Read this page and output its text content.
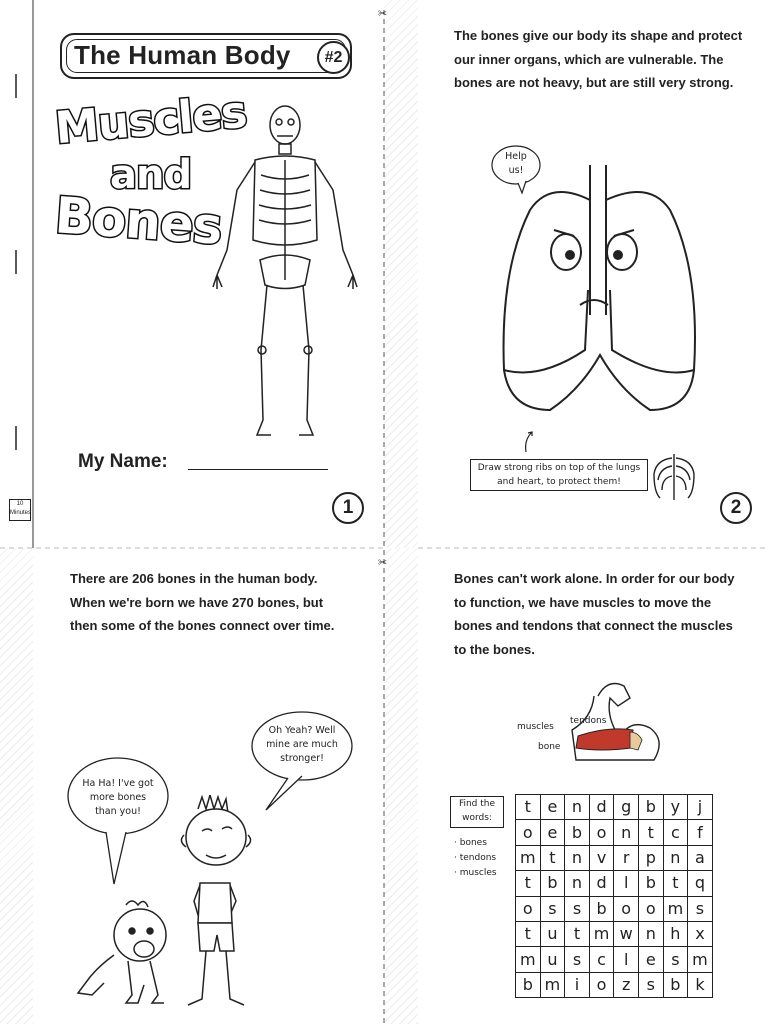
✂
✂
10 Minutes
The Human Body	#2
Muscles
and
Bones
My Name:
1
The bones give our body its shape and protect our inner organs, which are vulnerable. The bones are not heavy, but are still very strong.
Help us!
Draw strong ribs on top of the lungs and heart, to protect them!
2
There are 206 bones in the human body. When we're born we have 270 bones, but then some of the bones connect over time.
Ha Ha! I've got more bones than you!
Oh Yeah? Well mine are much stronger!
Bones can't work alone. In order for our body to function, we have muscles to move the bones and tendons that connect the muscles to the bones.
muscles
tendons
bone
Find the words:
· bones
· tendons
· muscles
t	e	n	d	g	b	y	j
o	e	b	o	n	t	c	f
m	t	n	v	r	p	n	a
t	b	n	d	l	b	t	q
o	s	s	b	o	o	m	s
t	u	t	m	w	n	h	x
m	u	s	c	l	e	s	m
b	m	i	o	z	s	b	k
